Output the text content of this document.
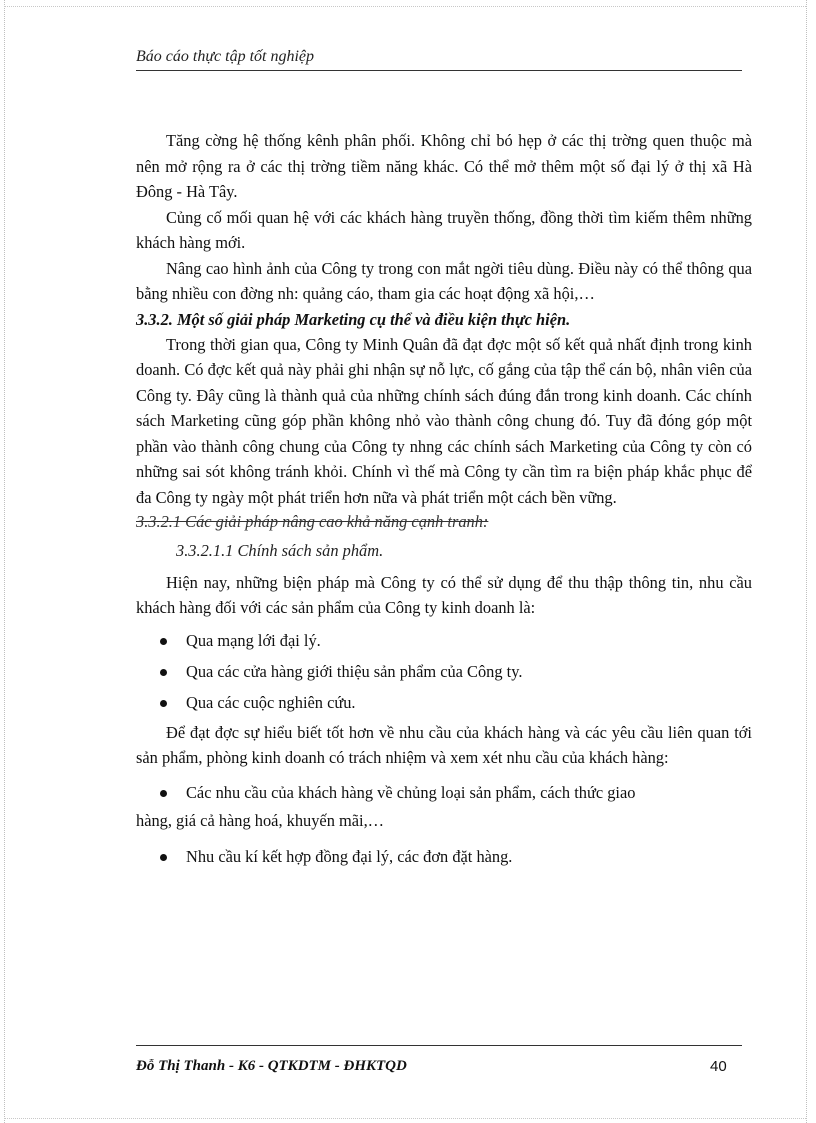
Báo cáo thực tập tốt nghiệp

Tăng cờng hệ thống kênh phân phối. Không chỉ bó hẹp ở các thị trờng quen thuộc mà nên mở rộng ra ở các thị trờng tiềm năng khác. Có thể mở thêm một số đại lý ở thị xã Hà Đông - Hà Tây.

Củng cố mối quan hệ với các khách hàng truyền thống, đồng thời tìm kiếm thêm những khách hàng mới.

Nâng cao hình ảnh của Công ty trong con mắt ngời tiêu dùng. Điều này có thể thông qua bằng nhiều con đờng nh: quảng cáo, tham gia các hoạt động xã hội,…

3.3.2. Một số giải pháp Marketing cụ thể và điều kiện thực hiện.

Trong thời gian qua, Công ty Minh Quân đã đạt đợc một số kết quả nhất định trong kinh doanh. Có đợc kết quả này phải ghi nhận sự nỗ lực, cố gắng của tập thể cán bộ, nhân viên của Công ty. Đây cũng là thành quả của những chính sách đúng đắn trong kinh doanh. Các chính sách Marketing cũng góp phần không nhỏ vào thành công chung đó. Tuy đã đóng góp một phần vào thành công chung của Công ty nhng các chính sách Marketing của Công ty còn có những sai sót không tránh khỏi. Chính vì thế mà Công ty cần tìm ra biện pháp khắc phục để đa Công ty ngày một phát triển hơn nữa và phát triển một cách bền vững.

3.3.2.1 Các giải pháp nâng cao khả năng cạnh tranh:

3.3.2.1.1 Chính sách sản phẩm.

Hiện nay, những biện pháp mà Công ty có thể sử dụng để thu thập thông tin, nhu cầu khách hàng đối với các sản phẩm của Công ty kinh doanh là:

Qua mạng lới đại lý.
Qua các cửa hàng giới thiệu sản phẩm của Công ty.
Qua các cuộc nghiên cứu.

Để đạt đợc sự hiểu biết tốt hơn về nhu cầu của khách hàng và các yêu cầu liên quan tới sản phẩm, phòng kinh doanh có trách nhiệm và xem xét nhu cầu của khách hàng:

Các nhu cầu của khách hàng về chủng loại sản phẩm, cách thức giao
hàng, giá cả hàng hoá, khuyến mãi,…
Nhu cầu kí kết hợp đồng đại lý, các đơn đặt hàng.
Đỗ Thị Thanh - K6 - QTKDTM - ĐHKTQD	40
